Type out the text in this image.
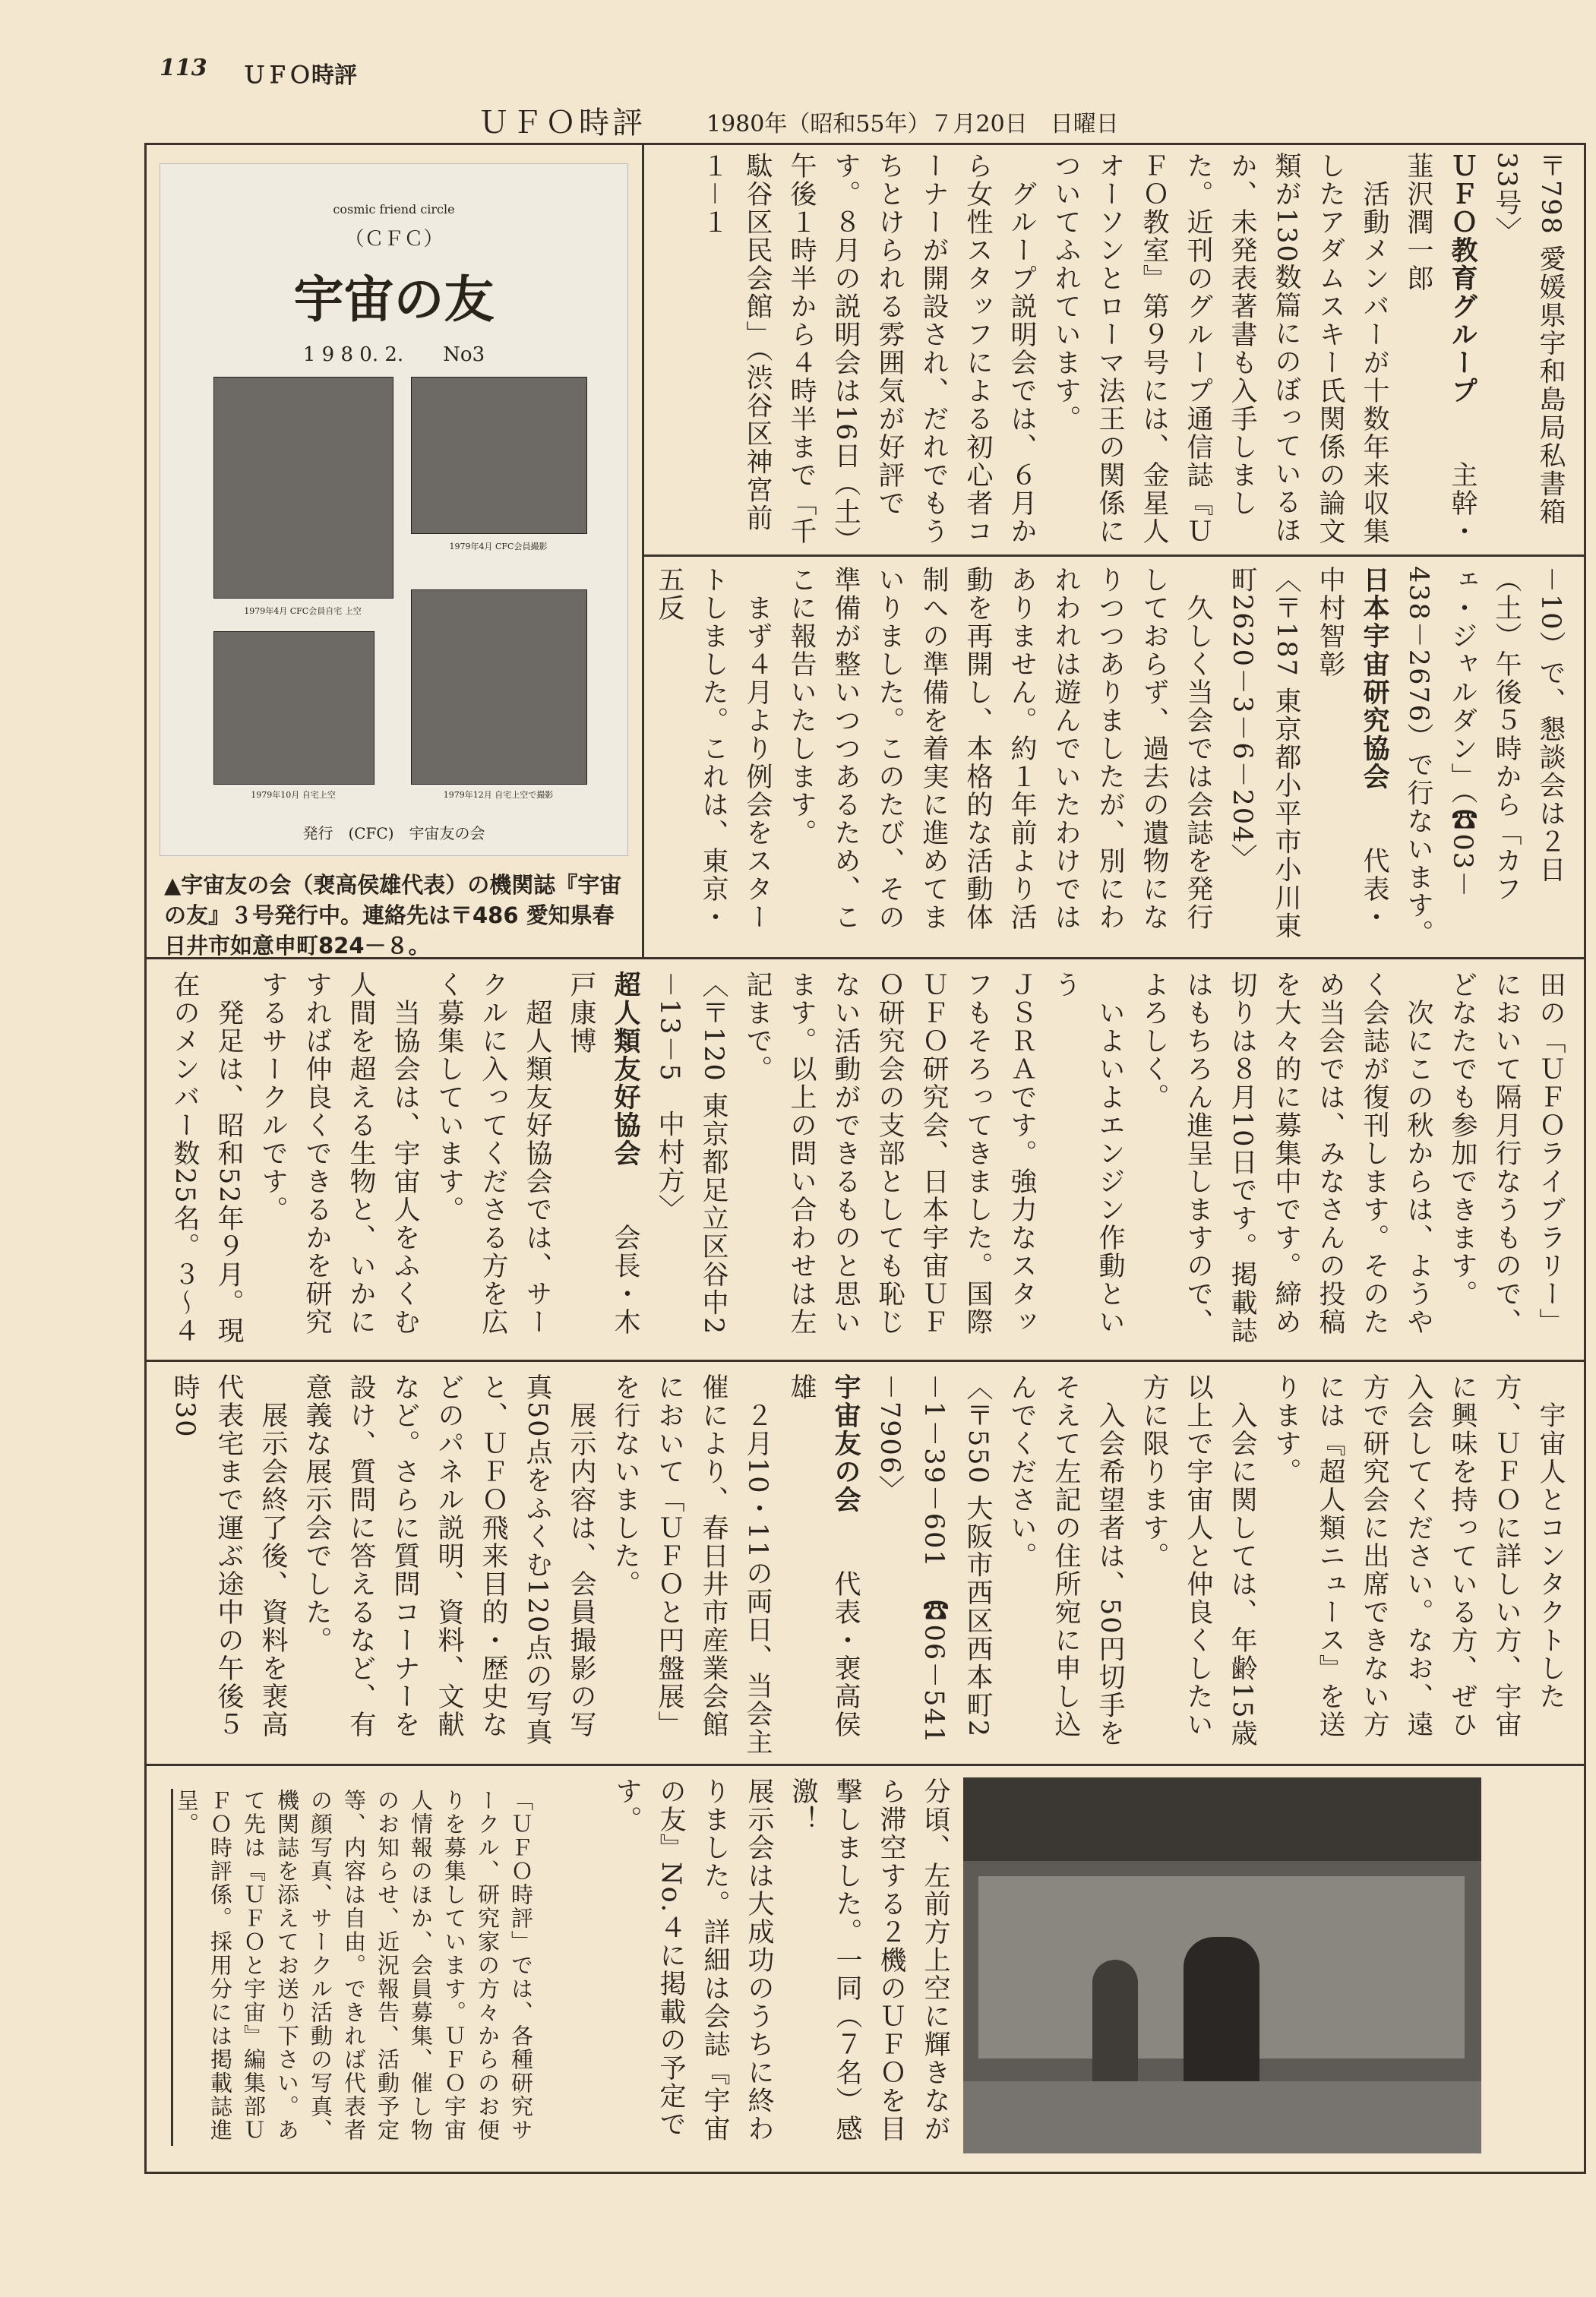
113 ＵＦＯ時評
ＵＦＯ時評	1980年（昭和55年）７月20日　日曜日
〒798 愛媛県宇和島局私書箱33号〉
ＵＦＯ教育グループ　　主幹・韮沢潤一郎
　活動メンバーが十数年来収集したアダムスキー氏関係の論文類が130数篇にのぼっているほか、未発表著書も入手しました。近刊のグループ通信誌『ＵＦＯ教室』第９号には、金星人オーソンとローマ法王の関係についてふれています。
　グループ説明会では、６月から女性スタッフによる初心者コーナーが開設され、だれでもうちとけられる雰囲気が好評です。８月の説明会は16日（土）午後１時半から４時半まで「千駄谷区民会館」（渋谷区神宮前１－１
－10）で、懇談会は２日（土）午後５時から「カフェ・ジャルダン」（☎03－438－2676）で行ないます。
日本宇宙研究協会　　代表・中村智彰
〈〒187 東京都小平市小川東町2620－3－6－204〉
　久しく当会では会誌を発行しておらず、過去の遺物になりつつありましたが、別にわれわれは遊んでいたわけではありません。約１年前より活動を再開し、本格的な活動体制への準備を着実に進めてまいりました。このたび、その準備が整いつつあるため、ここに報告いたします。
　まず４月より例会をスタートしました。これは、東京・五反
cosmic friend circle
（ＣＦＣ）
宇宙の友
1 9 8 0. 2.　　No3
1979年4月 CFC会員自宅 上空
1979年4月 CFC会員撮影
1979年10月 自宅上空	1979年12月 自宅上空で撮影
発行　(CFC)　宇宙友の会
▲宇宙友の会（裵高侯雄代表）の機関誌『宇宙の友』３号発行中。連絡先は〒486 愛知県春日井市如意申町824－８。
田の「ＵＦＯライブラリー」において隔月行なうもので、どなたでも参加できます。
　次にこの秋からは、ようやく会誌が復刊します。そのため当会では、みなさんの投稿を大々的に募集中です。締め切りは８月10日です。掲載誌はもちろん進呈しますので、よろしく。
　いよいよエンジン作動という
ＪＳＲＡです。強力なスタッフもそろってきました。国際ＵＦＯ研究会、日本宇宙ＵＦＯ研究会の支部としても恥じない活動ができるものと思います。以上の問い合わせは左記まで。
〈〒120 東京都足立区谷中2－13－5　中村方〉
超人類友好協会　　会長・木戸康博
　超人類友好協会では、サークルに入ってくださる方を広く募集しています。
　当協会は、宇宙人をふくむ人間を超える生物と、いかにすれば仲良くできるかを研究するサークルです。
　発足は、昭和52年９月。現在のメンバー数25名。３～４
　宇宙人とコンタクトした方、ＵＦＯに詳しい方、宇宙に興味を持っている方、ぜひ入会してください。なお、遠方で研究会に出席できない方には『超人類ニュース』を送ります。
　入会に関しては、年齢15歳以上で宇宙人と仲良くしたい方に限ります。
　入会希望者は、50円切手をそえて左記の住所宛に申し込んでください。
〈〒550 大阪市西区西本町2－1－39－601　☎06－541－7906〉
宇宙友の会　　代表・裵高侯雄
　２月10・11の両日、当会主催により、春日井市産業会館において「ＵＦＯと円盤展」を行ないました。
　展示内容は、会員撮影の写真50点をふくむ120点の写真と、ＵＦＯ飛来目的・歴史などのパネル説明、資料、文献など。さらに質問コーナーを設け、質問に答えるなど、有意義な展示会でした。
　展示会終了後、資料を裵高代表宅まで運ぶ途中の午後５時30
分頃、左前方上空に輝きながら滞空する２機のＵＦＯを目撃しました。一同（７名）感激！
展示会は大成功のうちに終わりました。詳細は会誌『宇宙の友』No.４に掲載の予定です。

「ＵＦＯ時評」では、各種研究サークル、研究家の方々からのお便りを募集しています。ＵＦＯ宇宙人情報のほか、会員募集、催し物のお知らせ、近況報告、活動予定等、内容は自由。できれば代表者の顔写真、サークル活動の写真、機関誌を添えてお送り下さい。あて先は『ＵＦＯと宇宙』編集部ＵＦＯ時評係。採用分には掲載誌進呈。
